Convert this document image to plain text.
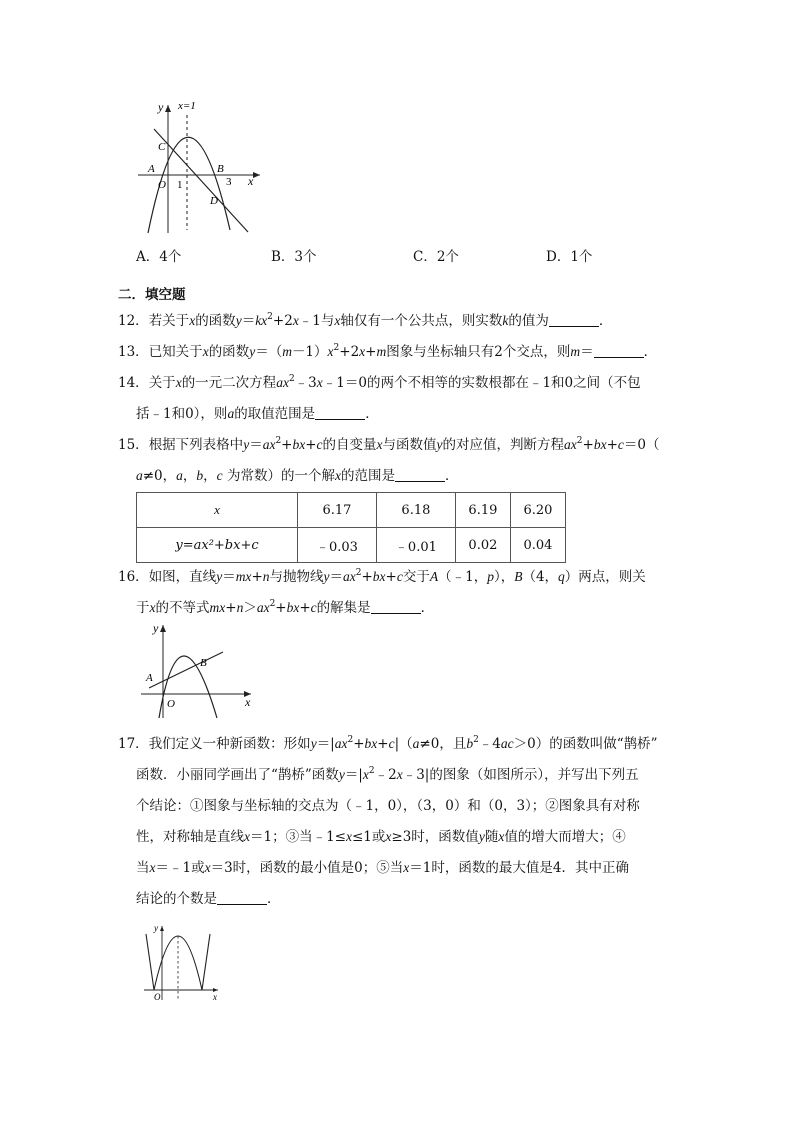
y x=1
x
C
A
O 1
B
3
D
A．4个	B．3个	C．2个	D．1个
二．填空题
12．若关于x的函数$y=kx^2+2x﹣1$与x轴仅有一个公共点，则实数k的值为	．
13．已知关于x的函数$y=(m-1)x^2+2x+m$图象与坐标轴只有2个交点，则m＝	．
14．关于x的一元二次方程$ax^2﹣3x﹣1=0$的两个不相等的实数根都在﹣1和0之间（不包
括﹣1和0），则a的取值范围是	．
15．根据下列表格中$y=ax^2+bx+c$的自变量x与函数值y的对应值，判断方程$ax^2+bx+c=0$（
a≠0，a，b，c 为常数）的一个解x的范围是	．
x	6.17	6.18	6.19	6.20
y=ax²+bx+c	﹣0.03	﹣0.01	0.02	0.04
16．如图，直线y＝mx+n与抛物线$y=ax^2+bx+c$交于A（﹣1，p），B（4，q）两点，则关
于x的不等式$mx+n>ax^2+bx+c$的解集是	．
y
x
A
B
O
17．我们定义一种新函数：形如$y=|ax^2+bx+c|(a\ne 0$，且$b^2﹣4ac>0$）的函数叫做“鹊桥”
函数．小丽同学画出了“鹊桥”函数$y=|x^2﹣2x﹣3|$的图象（如图所示），并写出下列五
个结论：①图象与坐标轴的交点为（﹣1，0），（3，0）和（0，3）；②图象具有对称
性，对称轴是直线x＝1；③当﹣1≤x≤1或x≥3时，函数值y随x值的增大而增大；④
当x＝﹣1或x＝3时，函数的最小值是0；⑤当x＝1时，函数的最大值是4．其中正确
结论的个数是	．
y
x
O
